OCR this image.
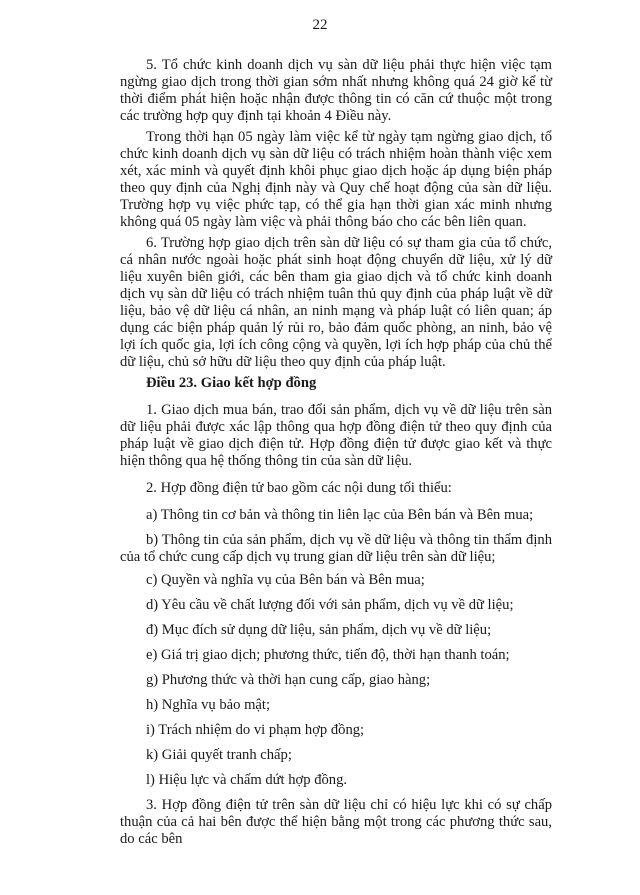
22

5. Tổ chức kinh doanh dịch vụ sàn dữ liệu phải thực hiện việc tạm ngừng giao dịch trong thời gian sớm nhất nhưng không quá 24 giờ kể từ thời điểm phát hiện hoặc nhận được thông tin có căn cứ thuộc một trong các trường hợp quy định tại khoản 4 Điều này.

Trong thời hạn 05 ngày làm việc kể từ ngày tạm ngừng giao dịch, tổ chức kinh doanh dịch vụ sàn dữ liệu có trách nhiệm hoàn thành việc xem xét, xác minh và quyết định khôi phục giao dịch hoặc áp dụng biện pháp theo quy định của Nghị định này và Quy chế hoạt động của sàn dữ liệu. Trường hợp vụ việc phức tạp, có thể gia hạn thời gian xác minh nhưng không quá 05 ngày làm việc và phải thông báo cho các bên liên quan.

6. Trường hợp giao dịch trên sàn dữ liệu có sự tham gia của tổ chức, cá nhân nước ngoài hoặc phát sinh hoạt động chuyển dữ liệu, xử lý dữ liệu xuyên biên giới, các bên tham gia giao dịch và tổ chức kinh doanh dịch vụ sàn dữ liệu có trách nhiệm tuân thủ quy định của pháp luật về dữ liệu, bảo vệ dữ liệu cá nhân, an ninh mạng và pháp luật có liên quan; áp dụng các biện pháp quản lý rủi ro, bảo đảm quốc phòng, an ninh, bảo vệ lợi ích quốc gia, lợi ích công cộng và quyền, lợi ích hợp pháp của chủ thể dữ liệu, chủ sở hữu dữ liệu theo quy định của pháp luật.

Điều 23. Giao kết hợp đồng

1. Giao dịch mua bán, trao đổi sản phẩm, dịch vụ về dữ liệu trên sàn dữ liệu phải được xác lập thông qua hợp đồng điện tử theo quy định của pháp luật về giao dịch điện tử. Hợp đồng điện tử được giao kết và thực hiện thông qua hệ thống thông tin của sàn dữ liệu.

2. Hợp đồng điện tử bao gồm các nội dung tối thiểu:

a) Thông tin cơ bản và thông tin liên lạc của Bên bán và Bên mua;

b) Thông tin của sản phẩm, dịch vụ về dữ liệu và thông tin thẩm định của tổ chức cung cấp dịch vụ trung gian dữ liệu trên sàn dữ liệu;

c) Quyền và nghĩa vụ của Bên bán và Bên mua;

d) Yêu cầu về chất lượng đối với sản phẩm, dịch vụ về dữ liệu;

đ) Mục đích sử dụng dữ liệu, sản phẩm, dịch vụ về dữ liệu;

e) Giá trị giao dịch; phương thức, tiến độ, thời hạn thanh toán;

g) Phương thức và thời hạn cung cấp, giao hàng;

h) Nghĩa vụ bảo mật;

i) Trách nhiệm do vi phạm hợp đồng;

k) Giải quyết tranh chấp;

l) Hiệu lực và chấm dứt hợp đồng.

3. Hợp đồng điện tử trên sàn dữ liệu chỉ có hiệu lực khi có sự chấp thuận của cả hai bên được thể hiện bằng một trong các phương thức sau, do các bên
